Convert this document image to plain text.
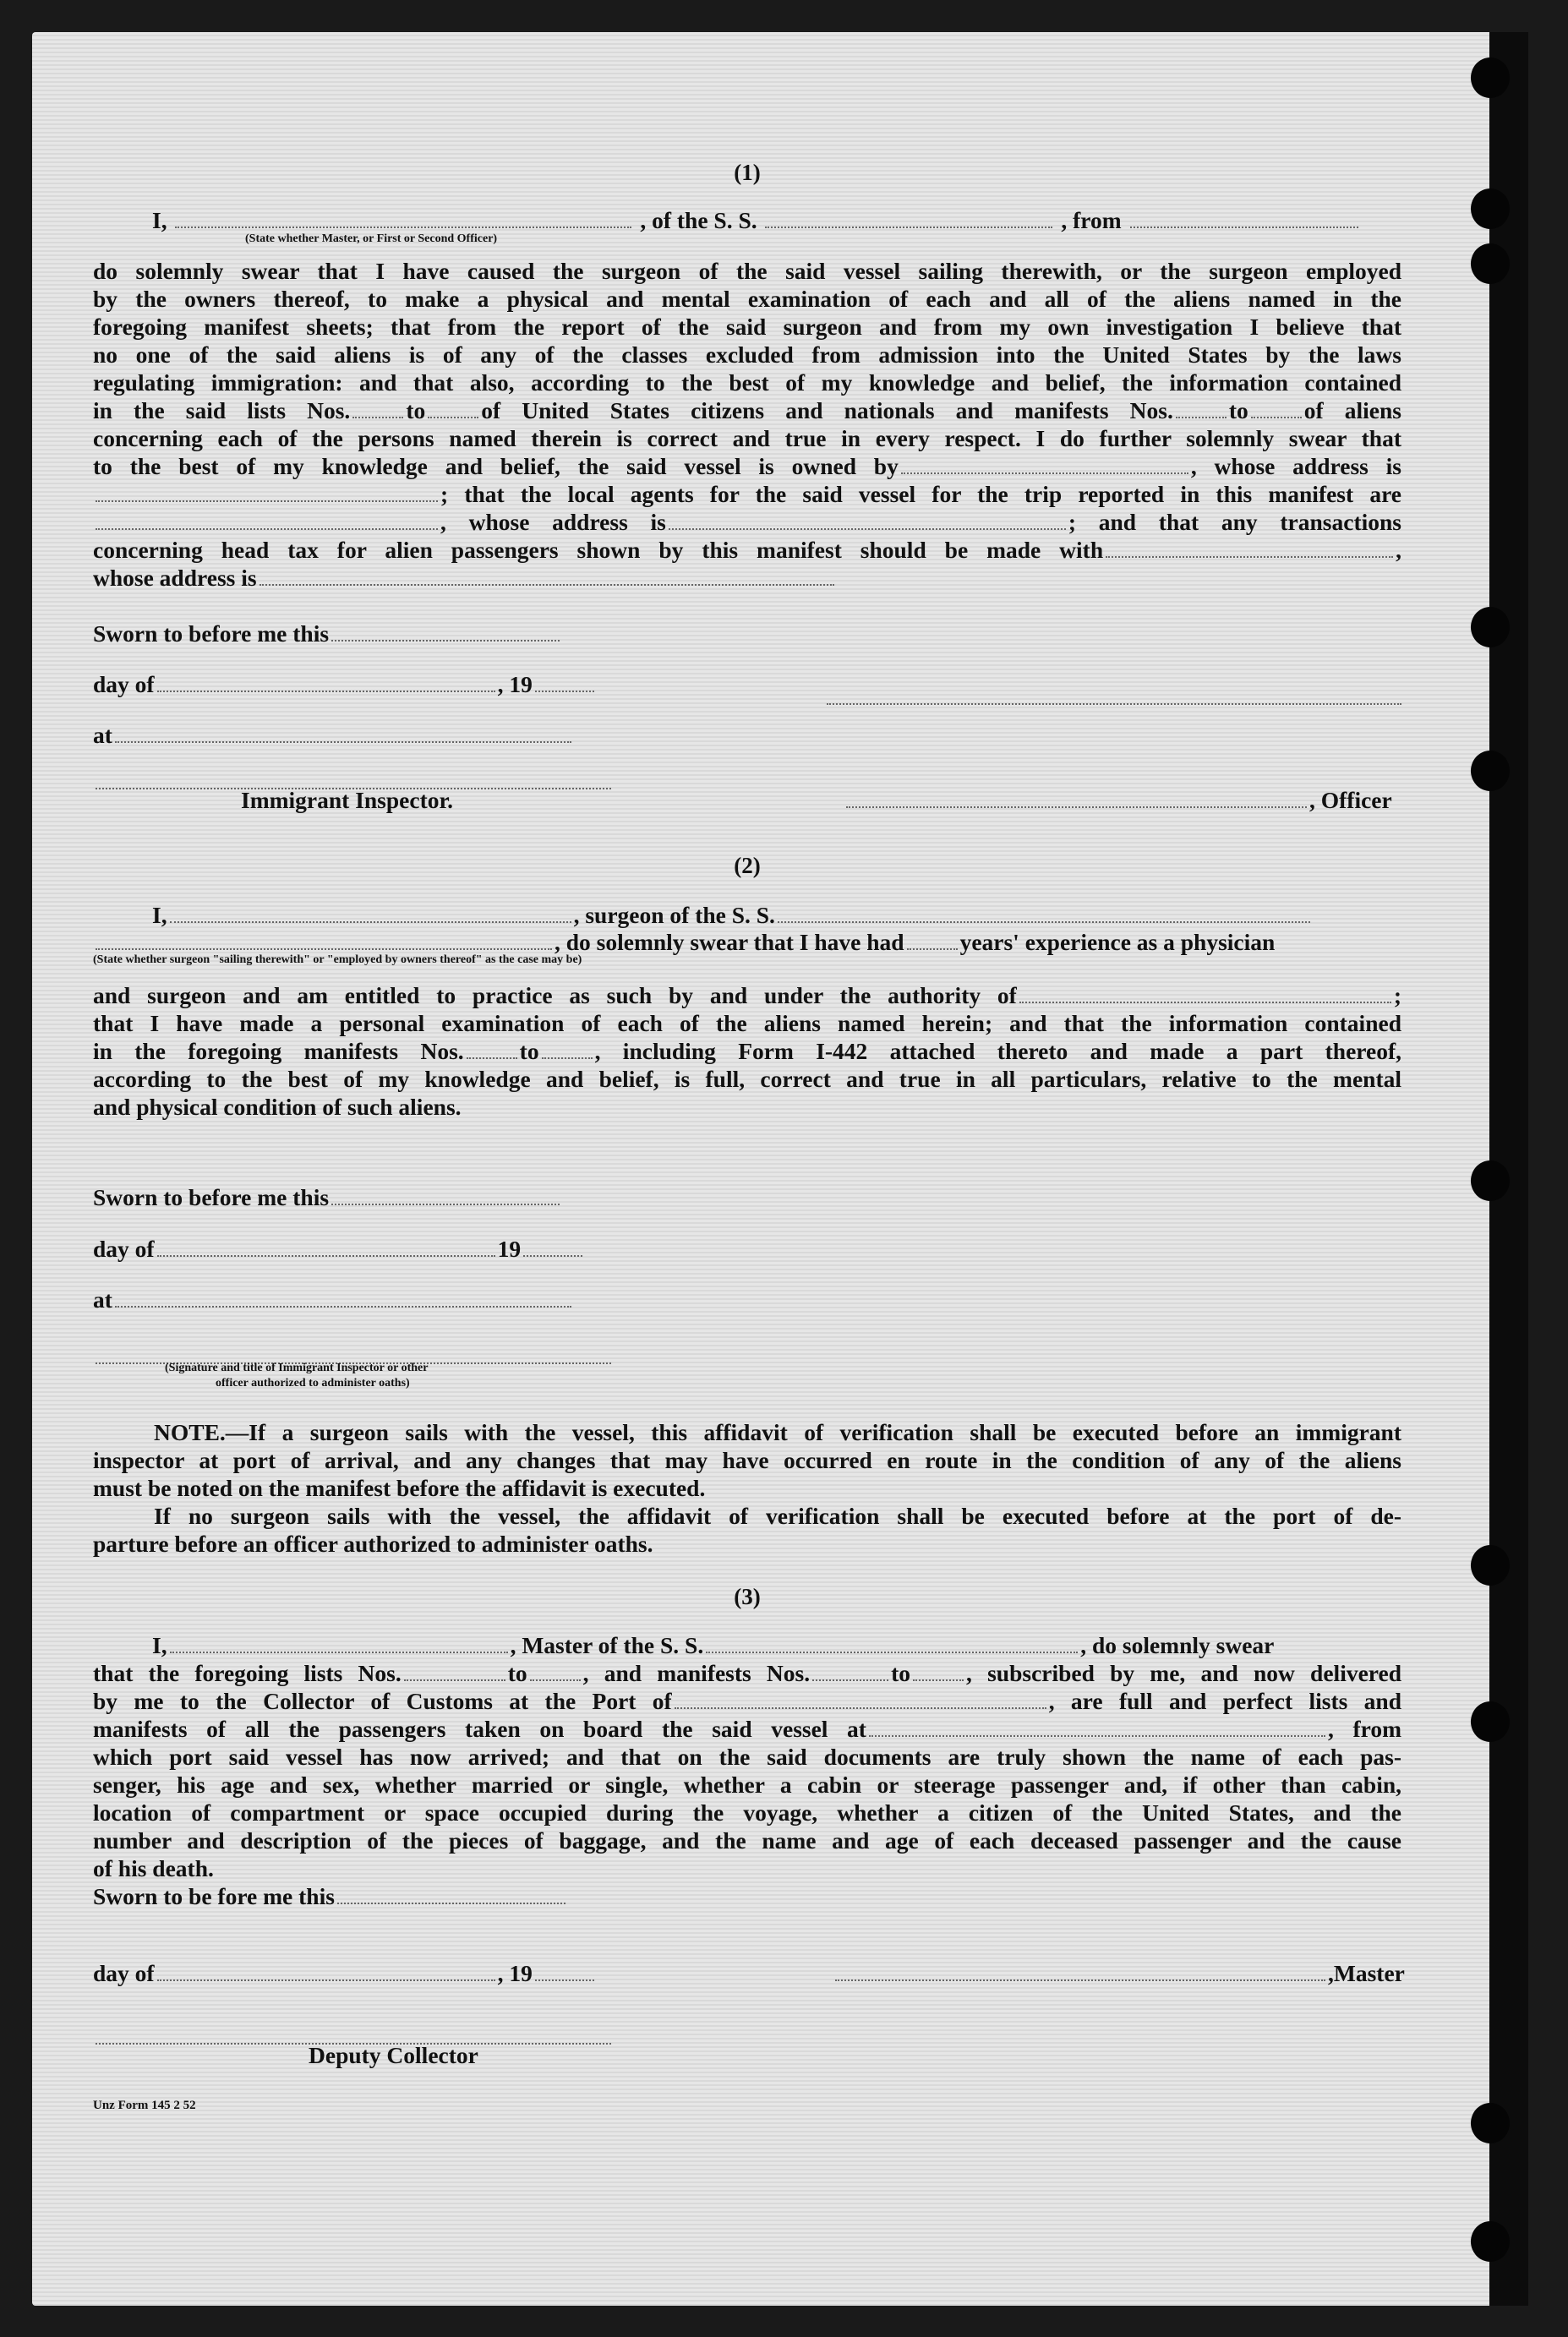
(1)
I,	, of the S. S.	, from
(State whether Master, or First or Second Officer)

do solemnly swear that I have caused the surgeon of the said vessel sailing therewith, or the surgeon employed

by the owners thereof, to make a physical and mental examination of each and all of the aliens named in the

foregoing manifest sheets; that from the report of the said surgeon and from my own investigation I believe that

no one of the said aliens is of any of the classes excluded from admission into the United States by the laws

regulating immigration: and that also, according to the best of my knowledge and belief, the information contained

in the said lists Nos. to of United States citizens and nationals and manifests Nos. to of aliens

concerning each of the persons named therein is correct and true in every respect. I do further solemnly swear that

to the best of my knowledge and belief, the said vessel is owned by	, whose address is

; that the local agents for the said vessel for the trip reported in this manifest are

, whose address is	; and that any transactions

concerning head tax for alien passengers shown by this manifest should be made with	,

whose address is

Sworn to before me this
day of	, 19
at
Immigrant Inspector.	, Officer
(2)
I,	, surgeon of the S. S.
, do solemnly swear that I have had years' experience as a physician
(State whether surgeon "sailing therewith" or "employed by owners thereof" as the case may be)

and surgeon and am entitled to practice as such by and under the authority of	;

that I have made a personal examination of each of the aliens named herein; and that the information contained

in the foregoing manifests Nos. to , including Form I-442 attached thereto and made a part thereof,

according to the best of my knowledge and belief, is full, correct and true in all particulars, relative to the mental

and physical condition of such aliens.

Sworn to before me this
day of	19
at
(Signature and title of Immigrant Inspector or other
officer authorized to administer oaths)

NOTE.—If a surgeon sails with the vessel, this affidavit of verification shall be executed before an immigrant

inspector at port of arrival, and any changes that may have occurred en route in the condition of any of the aliens

must be noted on the manifest before the affidavit is executed.

If no surgeon sails with the vessel, the affidavit of verification shall be executed before at the port of de-

parture before an officer authorized to administer oaths.

(3)
I,	, Master of the S. S.	, do solemnly swear

that the foregoing lists Nos.	to , and manifests Nos.	to , subscribed by me, and now delivered

by me to the Collector of Customs at the Port of	, are full and perfect lists and

manifests of all the passengers taken on board the said vessel at	, from

which port said vessel has now arrived; and that on the said documents are truly shown the name of each pas-

senger, his age and sex, whether married or single, whether a cabin or steerage passenger and, if other than cabin,

location of compartment or space occupied during the voyage, whether a citizen of the United States, and the

number and description of the pieces of baggage, and the name and age of each deceased passenger and the cause

of his death.

Sworn to be fore me this

day of	, 19	,Master
Deputy Collector
Unz Form 145 2 52
